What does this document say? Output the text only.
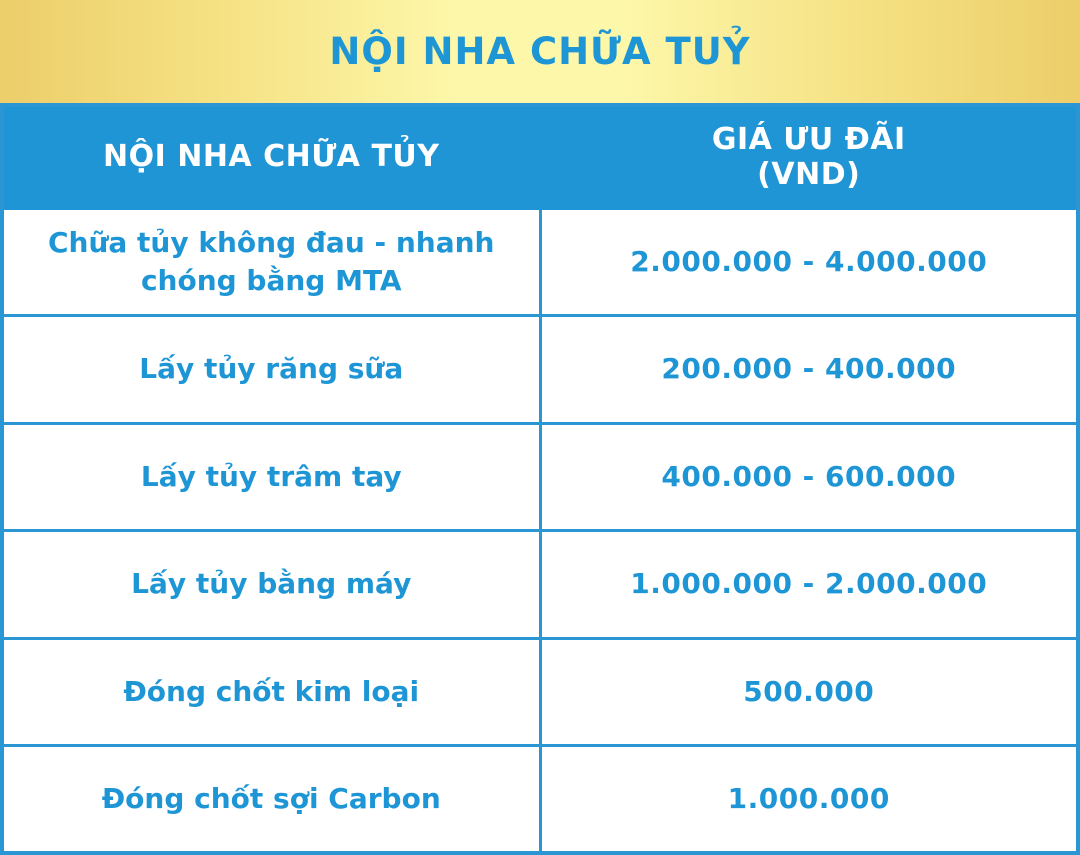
NỘI NHA CHỮA TUỶ
NỘI NHA CHỮA TỦY	GIÁ ƯU ĐÃI
(VND)

Chữa tủy không đau - nhanh chóng bằng MTA	2.000.000 - 4.000.000
Lấy tủy răng sữa	200.000 - 400.000
Lấy tủy trâm tay	400.000 - 600.000
Lấy tủy bằng máy	1.000.000 - 2.000.000
Đóng chốt kim loại	500.000
Đóng chốt sợi Carbon	1.000.000
